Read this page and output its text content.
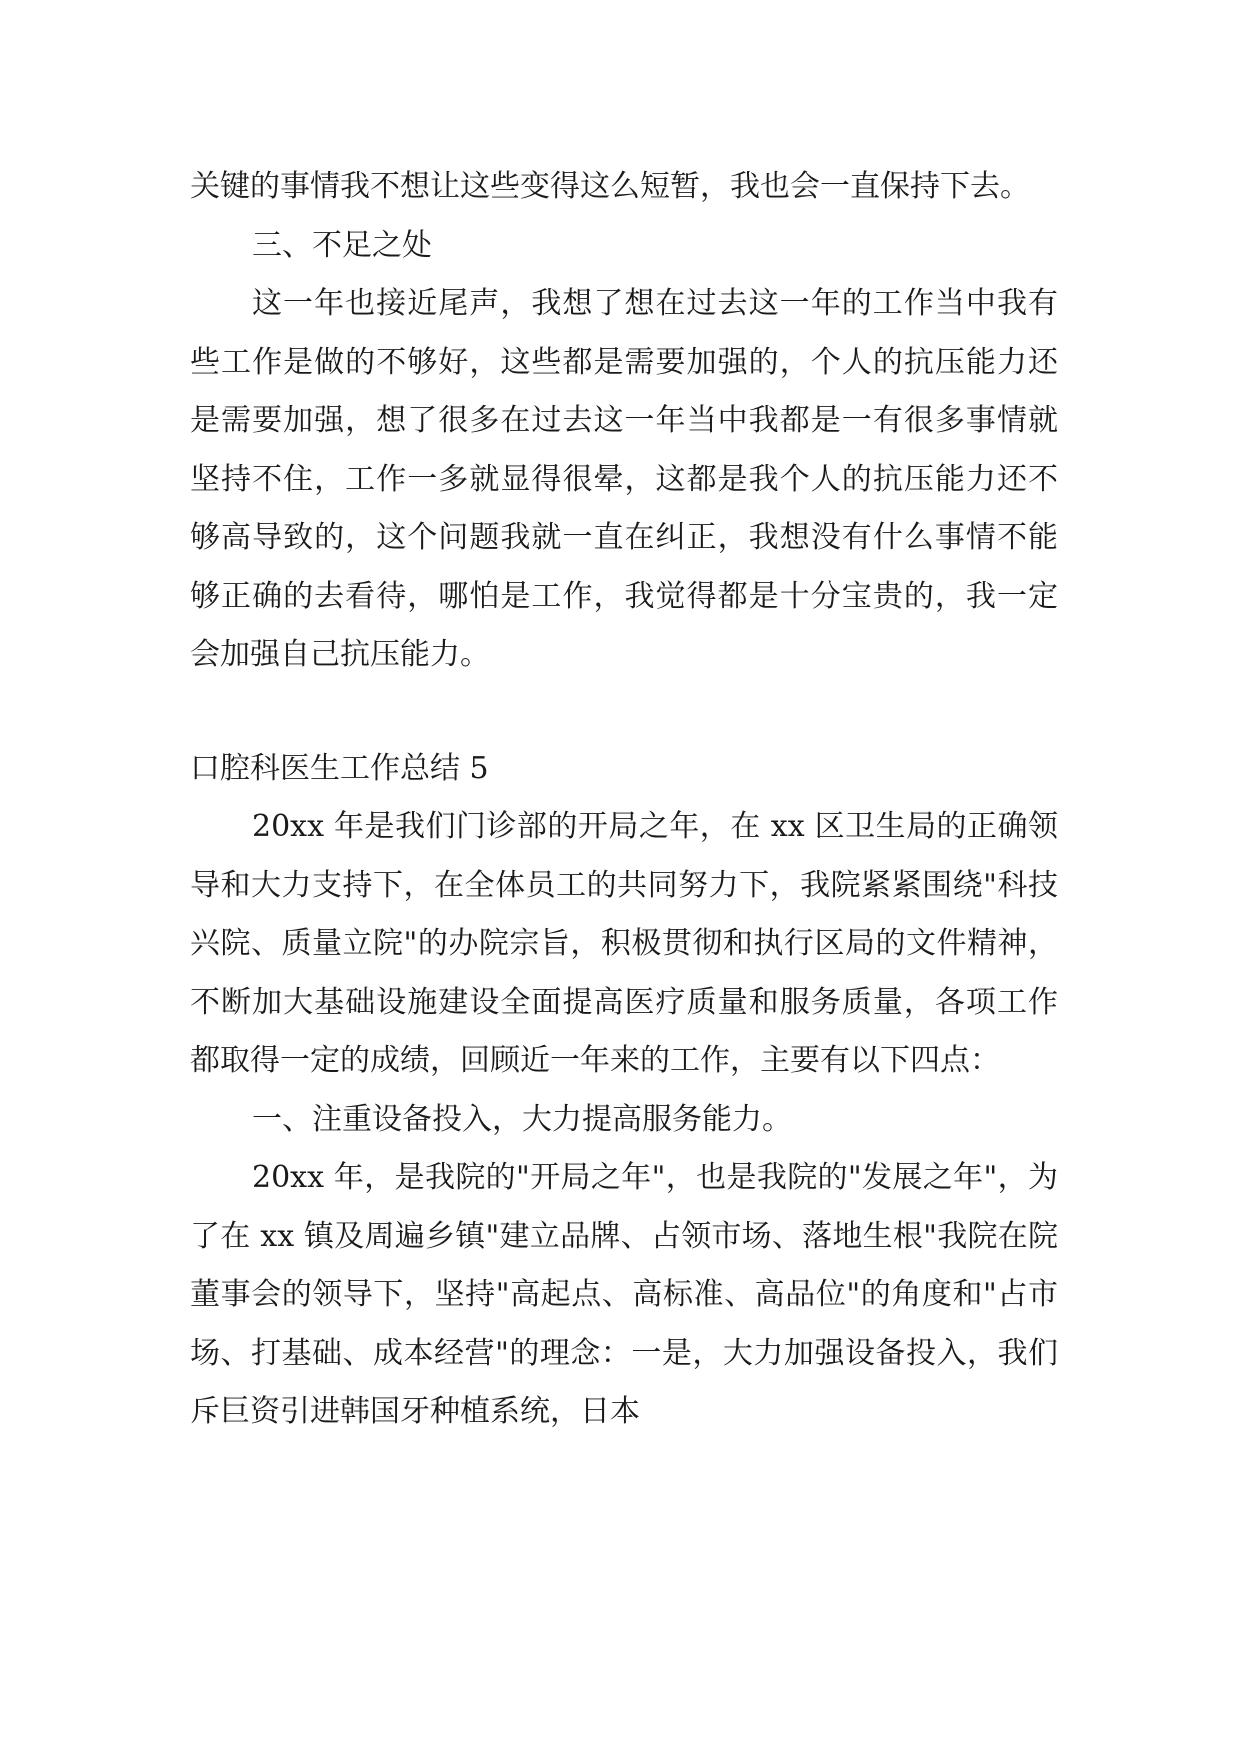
关键的事情我不想让这些变得这么短暂，我也会一直保持下去。

三、不足之处

这一年也接近尾声，我想了想在过去这一年的工作当中我有些工作是做的不够好，这些都是需要加强的，个人的抗压能力还是需要加强，想了很多在过去这一年当中我都是一有很多事情就坚持不住，工作一多就显得很晕，这都是我个人的抗压能力还不够高导致的，这个问题我就一直在纠正，我想没有什么事情不能够正确的去看待，哪怕是工作，我觉得都是十分宝贵的，我一定会加强自己抗压能力。

口腔科医生工作总结 5

20xx 年是我们门诊部的开局之年，在 xx 区卫生局的正确领导和大力支持下，在全体员工的共同努力下，我院紧紧围绕"科技兴院、质量立院"的办院宗旨，积极贯彻和执行区局的文件精神，不断加大基础设施建设全面提高医疗质量和服务质量，各项工作都取得一定的成绩，回顾近一年来的工作，主要有以下四点：

一、注重设备投入，大力提高服务能力。

20xx 年，是我院的"开局之年"，也是我院的"发展之年"，为了在 xx 镇及周遍乡镇"建立品牌、占领市场、落地生根"我院在院董事会的领导下，坚持"高起点、高标准、高品位"的角度和"占市场、打基础、成本经营"的理念：一是，大力加强设备投入，我们斥巨资引进韩国牙种植系统，日本
